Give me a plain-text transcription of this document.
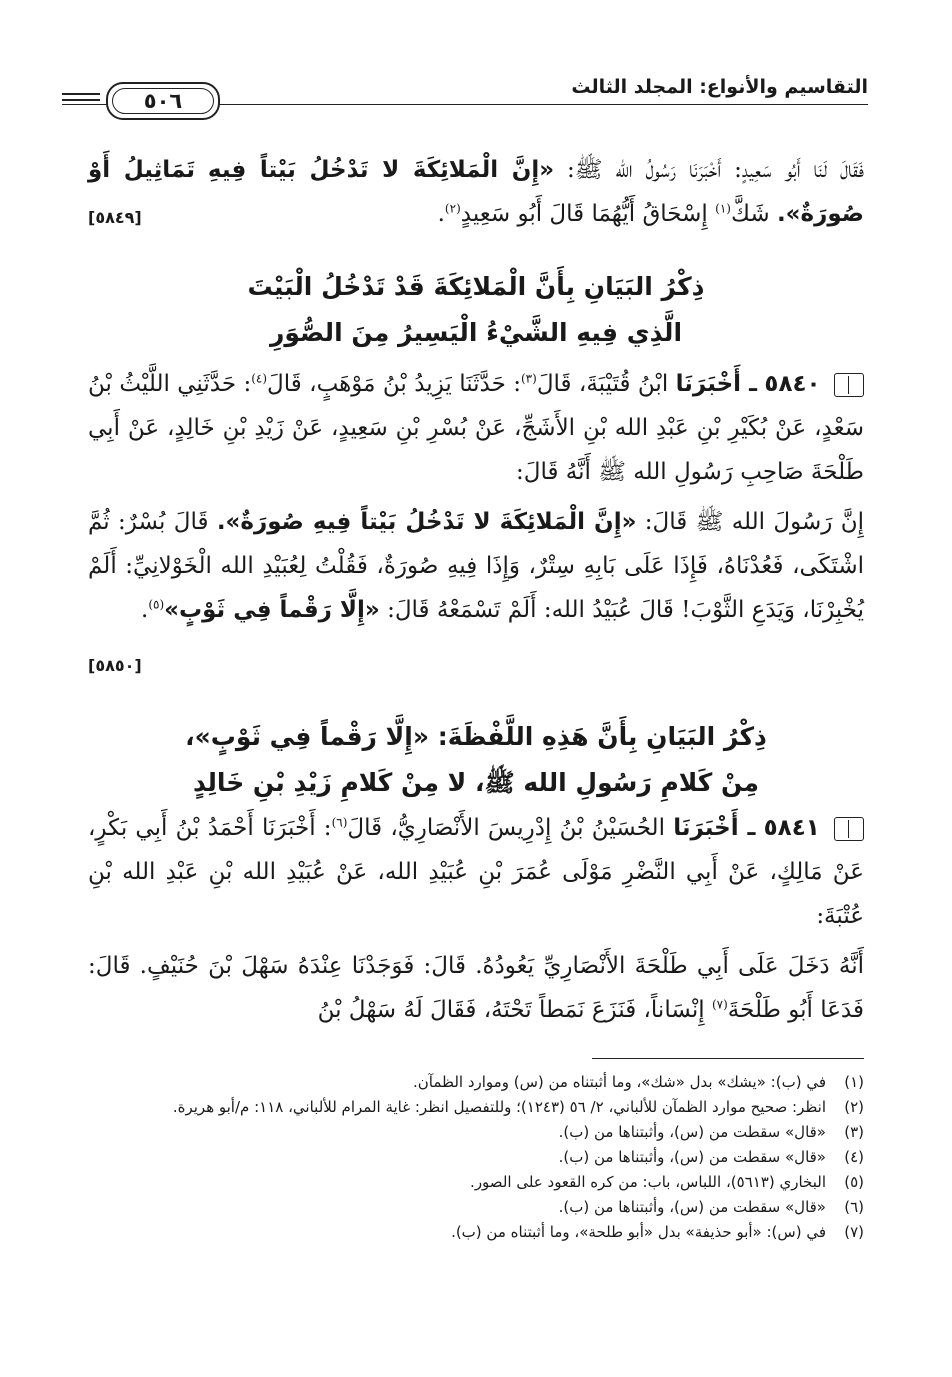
التقاسيم والأنواع: المجلد الثالث
٥٠٦
فَقَالَ لَنَا أَبُو سَعِيدٍ: أَخْبَرَنَا رَسُولُ الله ﷺ: «إِنَّ الْمَلائِكَةَ لا تَدْخُلُ بَيْتاً فِيهِ تَمَاثِيلُ أَوْ صُورَةٌ». شَكَّ$^{(١)}$ إِسْحَاقُ أَيُّهُمَا قَالَ أَبُو سَعِيدٍ$^{(٢)}$.
[٥٨٤٩]
ذِكْرُ البَيَانِ بِأَنَّ الْمَلائِكَةَ قَدْ تَدْخُلُ الْبَيْتَ
الَّذِي فِيهِ الشَّيْءُ الْيَسِيرُ مِنَ الصُّوَرِ
٥٨٤٠ ـ أَخْبَرَنَا ابْنُ قُتَيْبَةَ، قَالَ$^{(٣)}$: حَدَّثَنَا يَزِيدُ بْنُ مَوْهَبٍ، قَالَ$^{(٤)}$: حَدَّثَنِي اللَّيْثُ بْنُ سَعْدٍ، عَنْ بُكَيْرِ بْنِ عَبْدِ الله بْنِ الأَشَجِّ، عَنْ بُسْرِ بْنِ سَعِيدٍ، عَنْ زَيْدِ بْنِ خَالِدٍ، عَنْ أَبِي طَلْحَةَ صَاحِبِ رَسُولِ الله ﷺ أَنَّهُ قَالَ:
إِنَّ رَسُولَ الله ﷺ قَالَ: «إِنَّ الْمَلائِكَةَ لا تَدْخُلُ بَيْتاً فِيهِ صُورَةٌ». قَالَ بُسْرٌ: ثُمَّ اشْتَكَى، فَعُدْنَاهُ، فَإِذَا عَلَى بَابِهِ سِتْرٌ، وَإِذَا فِيهِ صُورَةٌ، فَقُلْتُ لِعُبَيْدِ الله الْخَوْلانِيِّ: أَلَمْ يُخْبِرْنَا، وَيَدَعِ الثَّوْبَ! قَالَ عُبَيْدُ الله: أَلَمْ تَسْمَعْهُ قَالَ: «إِلَّا رَقْماً فِي ثَوْبٍ»$^{(٥)}$.
[٥٨٥٠]
ذِكْرُ البَيَانِ بِأَنَّ هَذِهِ اللَّفْظَةَ: «إِلَّا رَقْماً فِي ثَوْبٍ»،
مِنْ كَلامِ رَسُولِ الله ﷺ، لا مِنْ كَلامِ زَيْدِ بْنِ خَالِدٍ
٥٨٤١ ـ أَخْبَرَنَا الحُسَيْنُ بْنُ إِدْرِيسَ الأَنْصَارِيُّ، قَالَ$^{(٦)}$: أَخْبَرَنَا أَحْمَدُ بْنُ أَبِي بَكْرٍ، عَنْ مَالِكٍ، عَنْ أَبِي النَّضْرِ مَوْلَى عُمَرَ بْنِ عُبَيْدِ الله، عَنْ عُبَيْدِ الله بْنِ عَبْدِ الله بْنِ عُتْبَةَ:
أَنَّهُ دَخَلَ عَلَى أَبِي طَلْحَةَ الأَنْصَارِيِّ يَعُودُهُ. قَالَ: فَوَجَدْنَا عِنْدَهُ سَهْلَ بْنَ حُنَيْفٍ. قَالَ: فَدَعَا أَبُو طَلْحَةَ$^{(٧)}$ إِنْسَاناً، فَنَزَعَ نَمَطاً تَحْتَهُ، فَقَالَ لَهُ سَهْلُ بْنُ
(١)
في (ب): «يشك» بدل «شك»، وما أثبتناه من (س) وموارد الظمآن.
(٢)
انظر: صحيح موارد الظمآن للألباني، ٢/ ٥٦ (١٢٤٣)؛ وللتفصيل انظر: غاية المرام للألباني، ١١٨: م/أبو هريرة.
(٣)
«قال» سقطت من (س)، وأثبتناها من (ب).
(٤)
«قال» سقطت من (س)، وأثبتناها من (ب).
(٥)
البخاري (٥٦١٣)، اللباس، باب: من كره القعود على الصور.
(٦)
«قال» سقطت من (س)، وأثبتناها من (ب).
(٧)
في (س): «أبو حذيفة» بدل «أبو طلحة»، وما أثبتناه من (ب).
